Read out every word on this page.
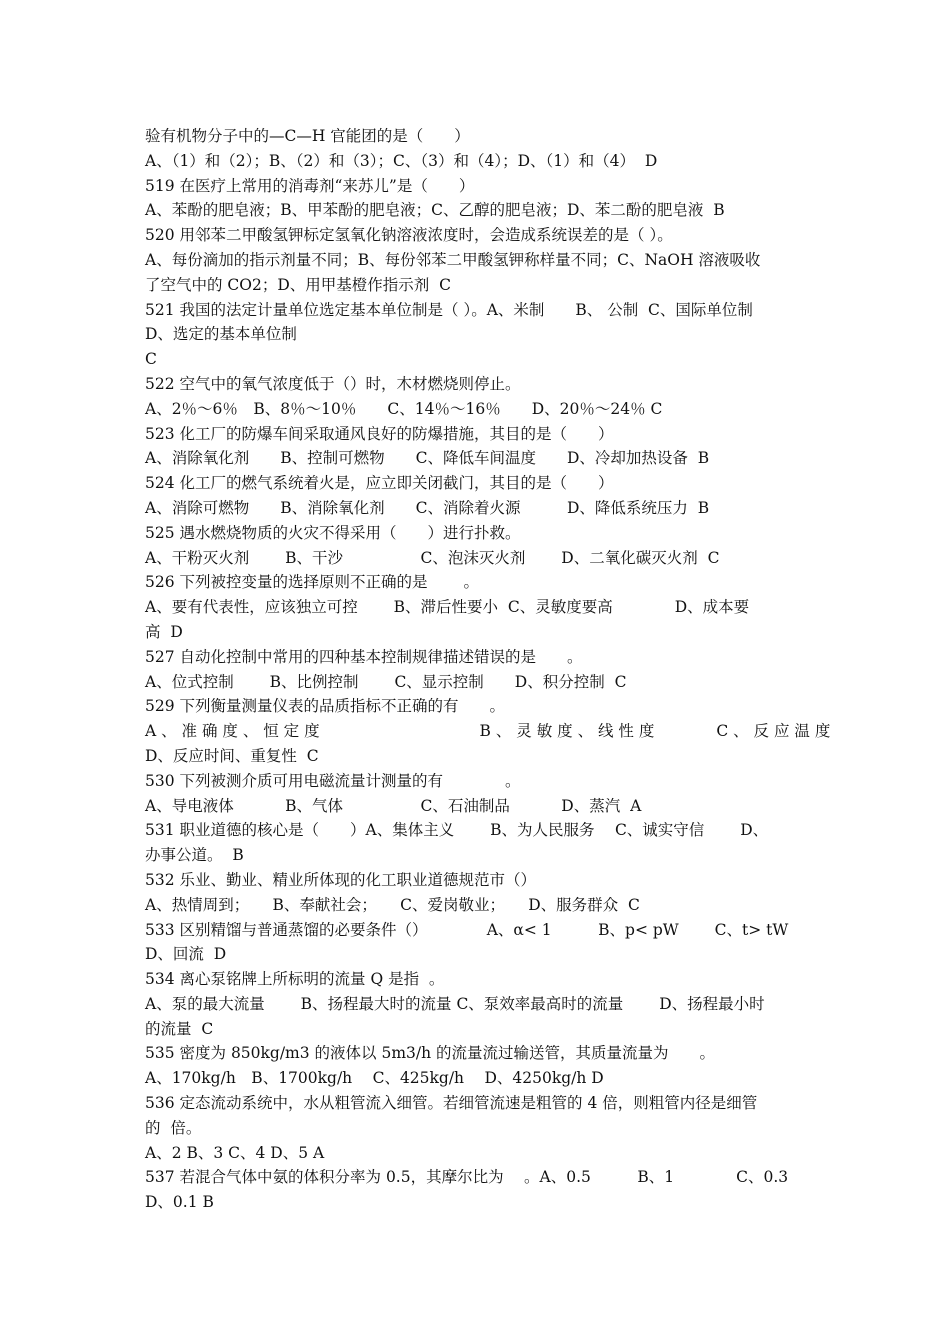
验有机物分子中的—C—H 官能团的是（　　）
A、（1）和（2）；B、（2）和（3）；C、（3）和（4）；D、（1）和（4）  D
519 在医疗上常用的消毒剂“来苏儿”是（　　）
A、苯酚的肥皂液；B、甲苯酚的肥皂液；C、乙醇的肥皂液；D、苯二酚的肥皂液  B
520 用邻苯二甲酸氢钾标定氢氧化钠溶液浓度时，会造成系统误差的是（ ）。
A、每份滴加的指示剂量不同；B、每份邻苯二甲酸氢钾称样量不同；C、NaOH 溶液吸收
了空气中的 CO2；D、用甲基橙作指示剂  C
521 我国的法定计量单位选定基本单位制是（ ）。A、米制　　B、 公制  C、国际单位制
D、选定的基本单位制
C
522 空气中的氧气浓度低于（）时，木材燃烧则停止。
A、2％～6％　B、8％～10％　　C、14％～16％　　D、20％～24％ C
523 化工厂的防爆车间采取通风良好的防爆措施，其目的是（　　）
A、消除氧化剂　　B、控制可燃物　　C、降低车间温度　　D、冷却加热设备  B
524 化工厂的燃气系统着火是，应立即关闭截门，其目的是（　　）
A、消除可燃物　　B、消除氧化剂　　C、消除着火源　　　D、降低系统压力  B
525 遇水燃烧物质的火灾不得采用（　　）进行扑救。
A、干粉灭火剂　　 B、干沙　　　　　C、泡沫灭火剂　　 D、二氧化碳灭火剂  C
526 下列被控变量的选择原则不正确的是　　 。
A、要有代表性，应该独立可控　　 B、滞后性要小  C、灵敏度要高　　　　D、成本要
高  D
527 自动化控制中常用的四种基本控制规律描述错误的是　　。
A、位式控制　　 B、比例控制　　 C、显示控制　　D、积分控制  C
529 下列衡量测量仪表的品质指标不正确的有　　。
A 、 准 确 度 、 恒 定 度　　　　　　　　　　 B 、 灵 敏 度 、 线 性 度　　　　C 、 反 应 温 度
D、反应时间、重复性  C
530 下列被测介质可用电磁流量计测量的有　　　　。
A、导电液体　　　 B、气体　　　　　C、石油制品　　　 D、蒸汽  A
531 职业道德的核心是（　　）A、集体主义　　 B、为人民服务　 C、诚实守信　　 D、
办事公道。  B
532 乐业、勤业、精业所体现的化工职业道德规范市（）
A、热情周到；　　B、奉献社会；　　C、爱岗敬业；　　D、服务群众  C
533 区别精馏与普通蒸馏的必要条件（）　　　　 A、α< 1　　　B、p< pW　　 C、t> tW
D、回流  D
534 离心泵铭牌上所标明的流量 Q 是指  。
A、泵的最大流量　　 B、扬程最大时的流量 C、泵效率最高时的流量　　 D、扬程最小时
的流量  C
535 密度为 850kg/m3 的液体以 5m3/h 的流量流过输送管，其质量流量为　　。
A、170kg/h　B、1700kg/h　 C、425kg/h　 D、4250kg/h D
536 定态流动系统中，水从粗管流入细管。若细管流速是粗管的 4 倍，则粗管内径是细管
的  倍。
A、2 B、3 C、4 D、5 A
537 若混合气体中氨的体积分率为 0.5，其摩尔比为　 。A、0.5　　　B、1　　　　C、0.3
D、0.1 B
